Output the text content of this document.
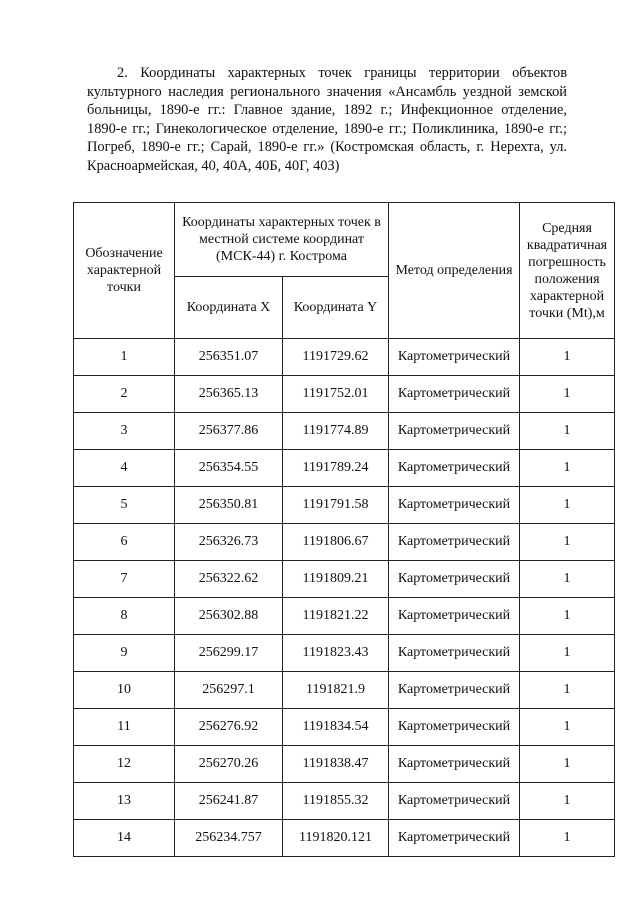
2. Координаты характерных точек границы территории объектов культурного наследия регионального значения «Ансамбль уездной земской больницы, 1890-е гг.: Главное здание, 1892 г.; Инфекционное отделение, 1890-е гг.; Гинекологическое отделение, 1890-е гг.; Поликлиника, 1890-е гг.; Погреб, 1890-е гг.; Сарай, 1890-е гг.» (Костромская область, г. Нерехта, ул. Красноармейская, 40, 40А, 40Б, 40Г, 40З)
Обозначение характерной точки	Координаты характерных точек в местной системе координат (МСК-44) г. Кострома		Метод определения	Средняя квадратичная погрешность положения характерной точки (Mt),м
	Координата X	Координата Y		
1	256351.07	1191729.62	Картометрический	1
2	256365.13	1191752.01	Картометрический	1
3	256377.86	1191774.89	Картометрический	1
4	256354.55	1191789.24	Картометрический	1
5	256350.81	1191791.58	Картометрический	1
6	256326.73	1191806.67	Картометрический	1
7	256322.62	1191809.21	Картометрический	1
8	256302.88	1191821.22	Картометрический	1
9	256299.17	1191823.43	Картометрический	1
10	256297.1	1191821.9	Картометрический	1
11	256276.92	1191834.54	Картометрический	1
12	256270.26	1191838.47	Картометрический	1
13	256241.87	1191855.32	Картометрический	1
14	256234.757	1191820.121	Картометрический	1
